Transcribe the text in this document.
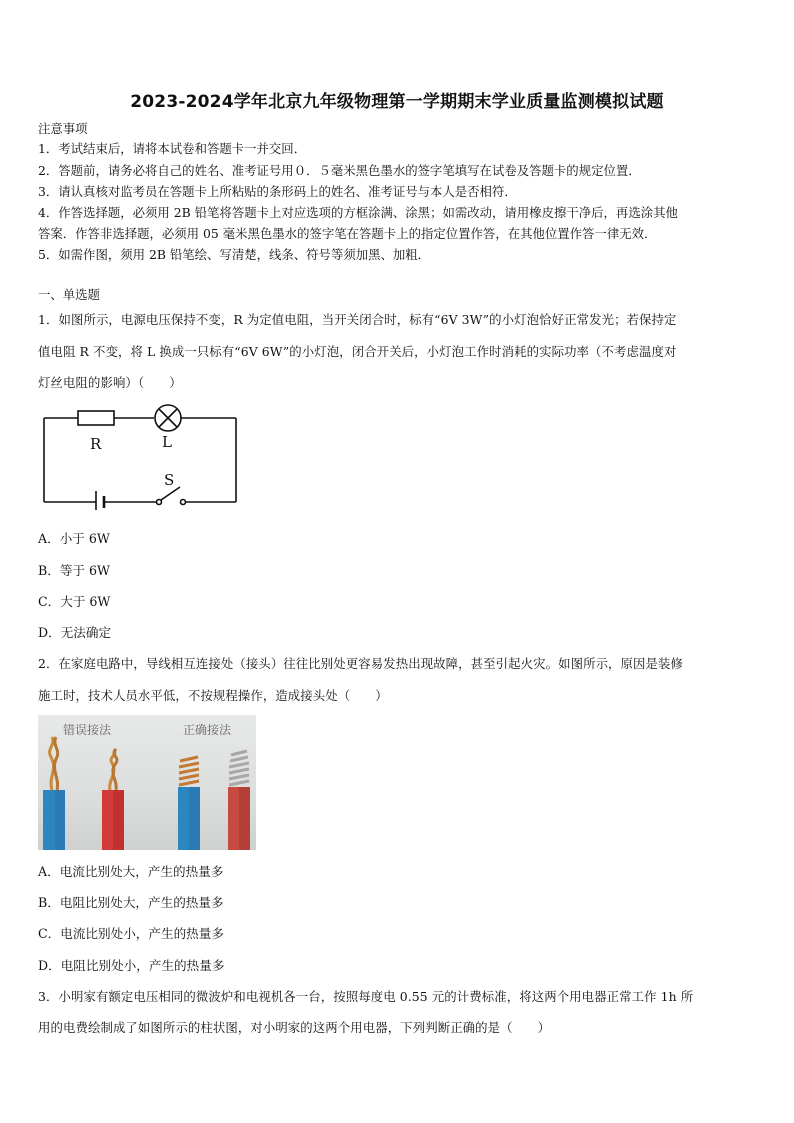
2023-2024学年北京九年级物理第一学期期末学业质量监测模拟试题
注意事项
1．考试结束后，请将本试卷和答题卡一并交回．
2．答题前，请务必将自己的姓名、准考证号用０．５毫米黑色墨水的签字笔填写在试卷及答题卡的规定位置．
3．请认真核对监考员在答题卡上所粘贴的条形码上的姓名、准考证号与本人是否相符．
4．作答选择题，必须用 2B 铅笔将答题卡上对应选项的方框涂满、涂黑；如需改动，请用橡皮擦干净后，再选涂其他
答案．作答非选择题，必须用 05 毫米黑色墨水的签字笔在答题卡上的指定位置作答，在其他位置作答一律无效．
5．如需作图，须用 2B 铅笔绘、写清楚，线条、符号等须加黑、加粗．
一、单选题
1．如图所示，电源电压保持不变，R 为定值电阻，当开关闭合时，标有“6V 3W”的小灯泡恰好正常发光；若保持定
值电阻 R 不变，将 L 换成一只标有“6V 6W”的小灯泡，闭合开关后，小灯泡工作时消耗的实际功率（不考虑温度对
灯丝电阻的影响）（　　）
R	L
S
A．小于 6W
B．等于 6W
C．大于 6W
D．无法确定
2．在家庭电路中，导线相互连接处（接头）往往比别处更容易发热出现故障，甚至引起火灾。如图所示，原因是装修
施工时，技术人员水平低，不按规程操作，造成接头处（　　）
错误接法	正确接法
A．电流比别处大，产生的热量多
B．电阻比别处大，产生的热量多
C．电流比别处小，产生的热量多
D．电阻比别处小，产生的热量多
3．小明家有额定电压相同的微波炉和电视机各一台，按照每度电 0.55 元的计费标准，将这两个用电器正常工作 1h 所
用的电费绘制成了如图所示的柱状图，对小明家的这两个用电器，下列判断正确的是（　　）
